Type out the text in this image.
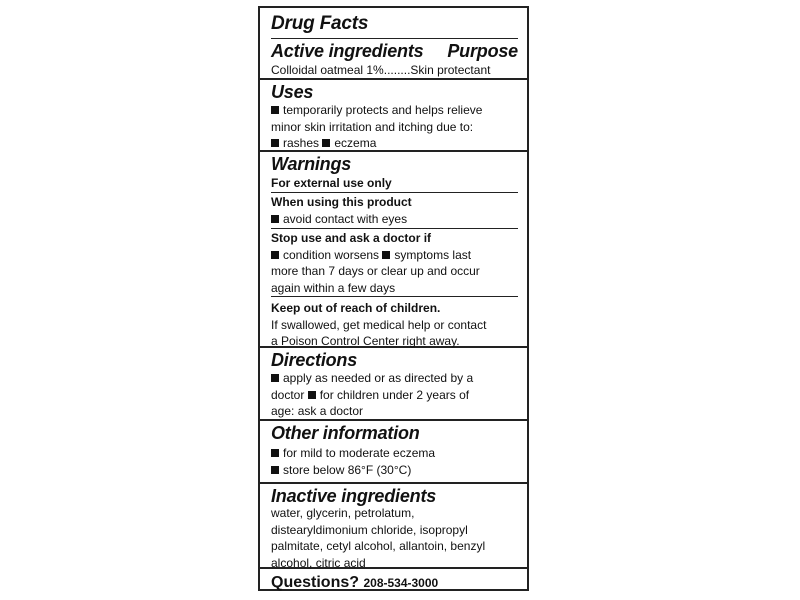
Drug Facts
Active ingredients Purpose
Colloidal oatmeal 1%........Skin protectant
Uses
temporarily protects and helps relieve
minor skin irritation and itching due to:
rashes eczema
Warnings
For external use only
When using this product
avoid contact with eyes
Stop use and ask a doctor if
condition worsens symptoms last
more than 7 days or clear up and occur
again within a few days
Keep out of reach of children.
If swallowed, get medical help or contact
a Poison Control Center right away.
Directions
apply as needed or as directed by a
doctor for children under 2 years of
age: ask a doctor
Other information
for mild to moderate eczema
store below 86°F (30°C)
Inactive ingredients
water, glycerin, petrolatum,
distearyldimonium chloride, isopropyl
palmitate, cetyl alcohol, allantoin, benzyl
alcohol, citric acid
Questions? 208-534-3000
